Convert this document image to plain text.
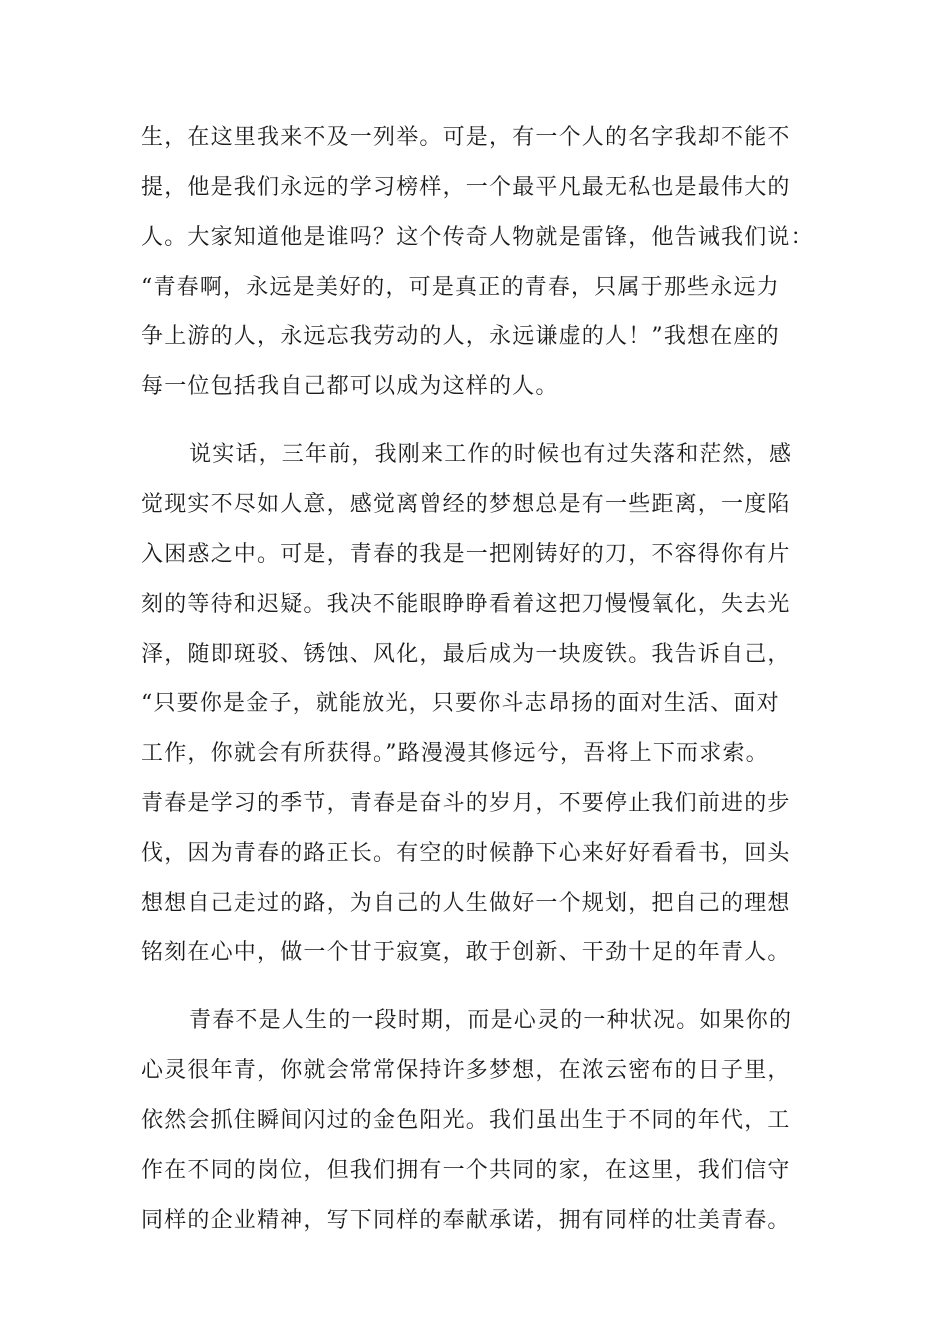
生，在这里我来不及一列举。可是，有一个人的名字我却不能不
提，他是我们永远的学习榜样，一个最平凡最无私也是最伟大的
人。大家知道他是谁吗？这个传奇人物就是雷锋，他告诫我们说：
“青春啊，永远是美好的，可是真正的青春，只属于那些永远力
争上游的人，永远忘我劳动的人，永远谦虚的人！”我想在座的
每一位包括我自己都可以成为这样的人。
说实话，三年前，我刚来工作的时候也有过失落和茫然，感
觉现实不尽如人意，感觉离曾经的梦想总是有一些距离，一度陷
入困惑之中。可是，青春的我是一把刚铸好的刀，不容得你有片
刻的等待和迟疑。我决不能眼睁睁看着这把刀慢慢氧化，失去光
泽，随即斑驳、锈蚀、风化，最后成为一块废铁。我告诉自己，
“只要你是金子，就能放光，只要你斗志昂扬的面对生活、面对
工作，你就会有所获得。”路漫漫其修远兮，吾将上下而求索。
青春是学习的季节，青春是奋斗的岁月，不要停止我们前进的步
伐，因为青春的路正长。有空的时候静下心来好好看看书，回头
想想自己走过的路，为自己的人生做好一个规划，把自己的理想
铭刻在心中，做一个甘于寂寞，敢于创新、干劲十足的年青人。
青春不是人生的一段时期，而是心灵的一种状况。如果你的
心灵很年青，你就会常常保持许多梦想，在浓云密布的日子里，
依然会抓住瞬间闪过的金色阳光。我们虽出生于不同的年代，工
作在不同的岗位，但我们拥有一个共同的家，在这里，我们信守
同样的企业精神，写下同样的奉献承诺，拥有同样的壮美青春。
